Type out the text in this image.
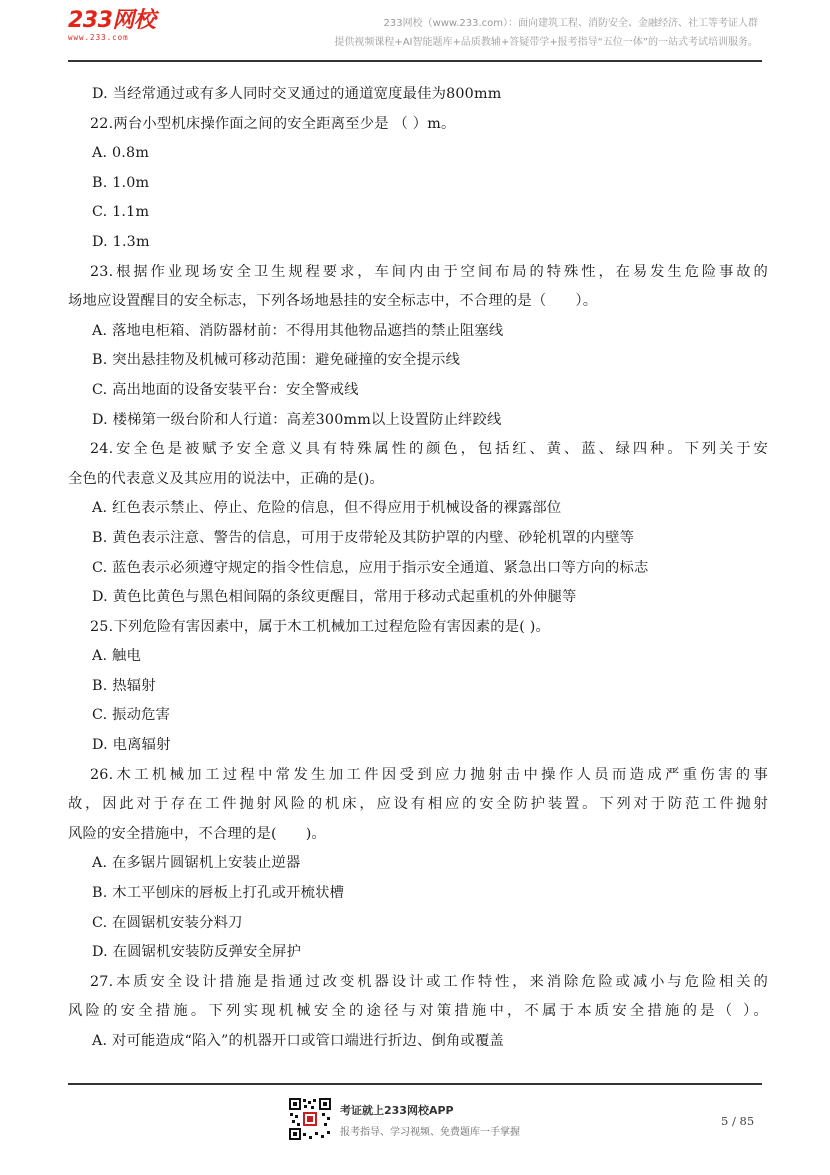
233网校
www.233.com
233网校（www.233.com）：面向建筑工程、消防安全、金融经济、社工等考证人群
提供视频课程+AI智能题库+品质教辅+答疑带学+报考指导“五位一体”的一站式考试培训服务。
D. 当经常通过或有多人同时交叉通过的通道宽度最佳为800mm
22.两台小型机床操作面之间的安全距离至少是 （ ）m。
A. 0.8m
B. 1.0m
C. 1.1m
D. 1.3m
23.根据作业现场安全卫生规程要求，车间内由于空间布局的特殊性，在易发生危险事故的
场地应设置醒目的安全标志，下列各场地悬挂的安全标志中，不合理的是（　　）。
A. 落地电柜箱、消防器材前：不得用其他物品遮挡的禁止阻塞线
B. 突出悬挂物及机械可移动范围：避免碰撞的安全提示线
C. 高出地面的设备安装平台：安全警戒线
D. 楼梯第一级台阶和人行道：高差300mm以上设置防止绊跤线
24.安全色是被赋予安全意义具有特殊属性的颜色，包括红、黄、蓝、绿四种。下列关于安
全色的代表意义及其应用的说法中，正确的是()。
A. 红色表示禁止、停止、危险的信息，但不得应用于机械设备的裸露部位
B. 黄色表示注意、警告的信息，可用于皮带轮及其防护罩的内壁、砂轮机罩的内壁等
C. 蓝色表示必须遵守规定的指令性信息，应用于指示安全通道、紧急出口等方向的标志
D. 黄色比黄色与黑色相间隔的条纹更醒目，常用于移动式起重机的外伸腿等
25.下列危险有害因素中，属于木工机械加工过程危险有害因素的是( )。
A. 触电
B. 热辐射
C. 振动危害
D. 电离辐射
26.木工机械加工过程中常发生加工件因受到应力抛射击中操作人员而造成严重伤害的事
故，因此对于存在工件抛射风险的机床，应设有相应的安全防护装置。下列对于防范工件抛射
风险的安全措施中，不合理的是(　　)。
A. 在多锯片圆锯机上安装止逆器
B. 木工平刨床的唇板上打孔或开梳状槽
C. 在圆锯机安装分料刀
D. 在圆锯机安装防反弹安全屏护
27.本质安全设计措施是指通过改变机器设计或工作特性，来消除危险或减小与危险相关的
风险的安全措施。下列实现机械安全的途径与对策措施中，不属于本质安全措施的是（ ）。
A. 对可能造成“陷入”的机器开口或管口端进行折边、倒角或覆盖
考证就上233网校APP
报考指导、学习视频、免费题库一手掌握
5 / 85
